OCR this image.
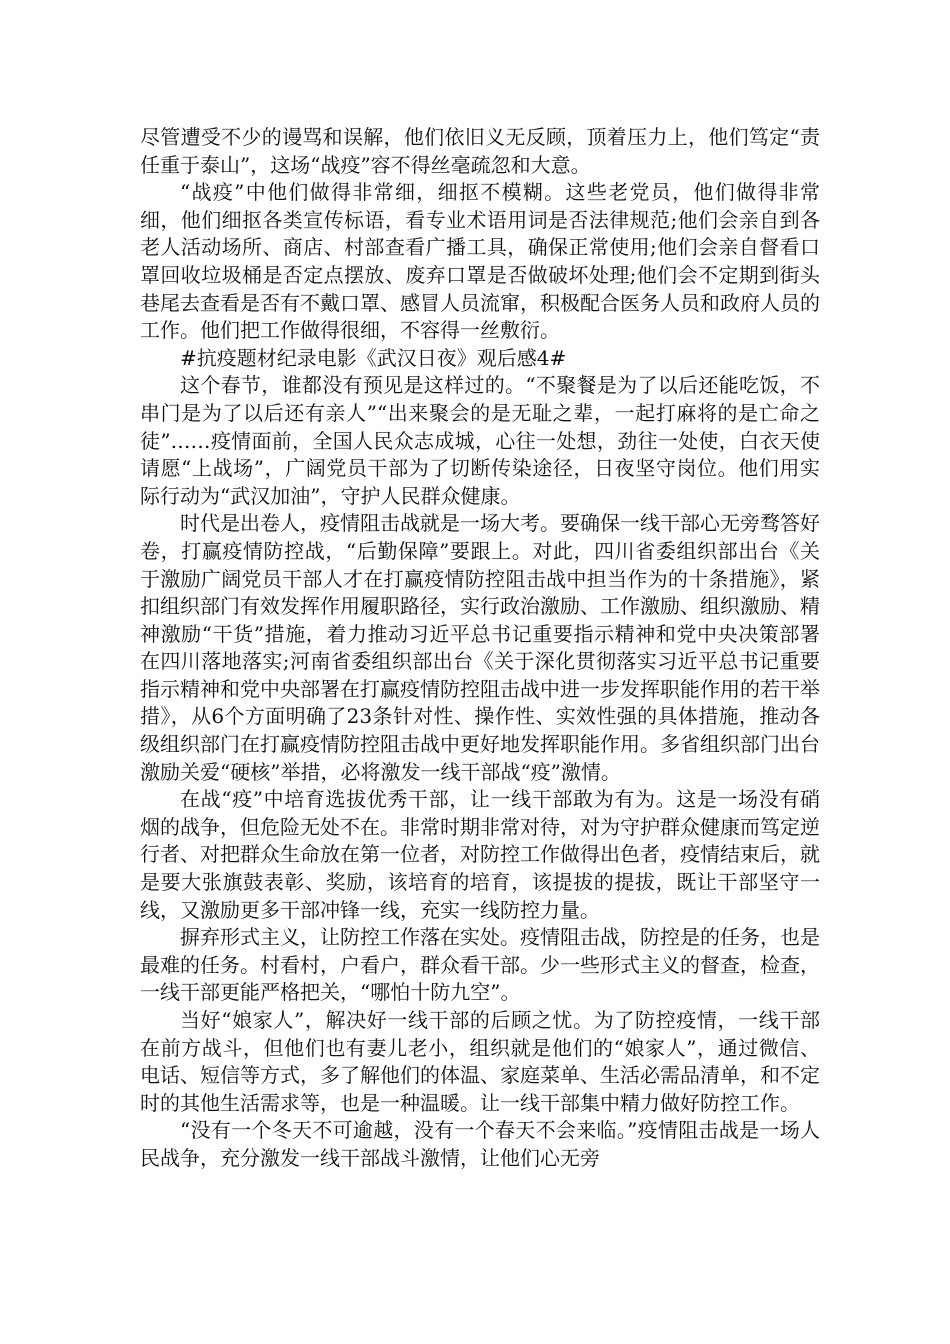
尽管遭受不少的谩骂和误解，他们依旧义无反顾，顶着压力上，他们笃定“责任重于泰山”，这场“战疫”容不得丝毫疏忽和大意。

“战疫”中他们做得非常细，细抠不模糊。这些老党员，他们做得非常细，他们细抠各类宣传标语，看专业术语用词是否法律规范;他们会亲自到各老人活动场所、商店、村部查看广播工具，确保正常使用;他们会亲自督看口罩回收垃圾桶是否定点摆放、废弃口罩是否做破坏处理;他们会不定期到街头巷尾去查看是否有不戴口罩、感冒人员流窜，积极配合医务人员和政府人员的工作。他们把工作做得很细，不容得一丝敷衍。

#抗疫题材纪录电影《武汉日夜》观后感4#

这个春节，谁都没有预见是这样过的。“不聚餐是为了以后还能吃饭，不串门是为了以后还有亲人”“出来聚会的是无耻之辈，一起打麻将的是亡命之徒”……疫情面前，全国人民众志成城，心往一处想，劲往一处使，白衣天使请愿“上战场”，广阔党员干部为了切断传染途径，日夜坚守岗位。他们用实际行动为“武汉加油”，守护人民群众健康。

时代是出卷人，疫情阻击战就是一场大考。要确保一线干部心无旁骛答好卷，打赢疫情防控战，“后勤保障”要跟上。对此，四川省委组织部出台《关于激励广阔党员干部人才在打赢疫情防控阻击战中担当作为的十条措施》，紧扣组织部门有效发挥作用履职路径，实行政治激励、工作激励、组织激励、精神激励“干货”措施，着力推动习近平总书记重要指示精神和党中央决策部署在四川落地落实;河南省委组织部出台《关于深化贯彻落实习近平总书记重要指示精神和党中央部署在打赢疫情防控阻击战中进一步发挥职能作用的若干举措》，从6个方面明确了23条针对性、操作性、实效性强的具体措施，推动各级组织部门在打赢疫情防控阻击战中更好地发挥职能作用。多省组织部门出台激励关爱“硬核”举措，必将激发一线干部战“疫”激情。

在战“疫”中培育选拔优秀干部，让一线干部敢为有为。这是一场没有硝烟的战争，但危险无处不在。非常时期非常对待，对为守护群众健康而笃定逆行者、对把群众生命放在第一位者，对防控工作做得出色者，疫情结束后，就是要大张旗鼓表彰、奖励，该培育的培育，该提拔的提拔，既让干部坚守一线，又激励更多干部冲锋一线，充实一线防控力量。

摒弃形式主义，让防控工作落在实处。疫情阻击战，防控是的任务，也是最难的任务。村看村，户看户，群众看干部。少一些形式主义的督查，检查，一线干部更能严格把关，“哪怕十防九空”。

当好“娘家人”，解决好一线干部的后顾之忧。为了防控疫情，一线干部在前方战斗，但他们也有妻儿老小，组织就是他们的“娘家人”，通过微信、电话、短信等方式，多了解他们的体温、家庭菜单、生活必需品清单，和不定时的其他生活需求等，也是一种温暖。让一线干部集中精力做好防控工作。

“没有一个冬天不可逾越，没有一个春天不会来临。”疫情阻击战是一场人民战争，充分激发一线干部战斗激情，让他们心无旁
